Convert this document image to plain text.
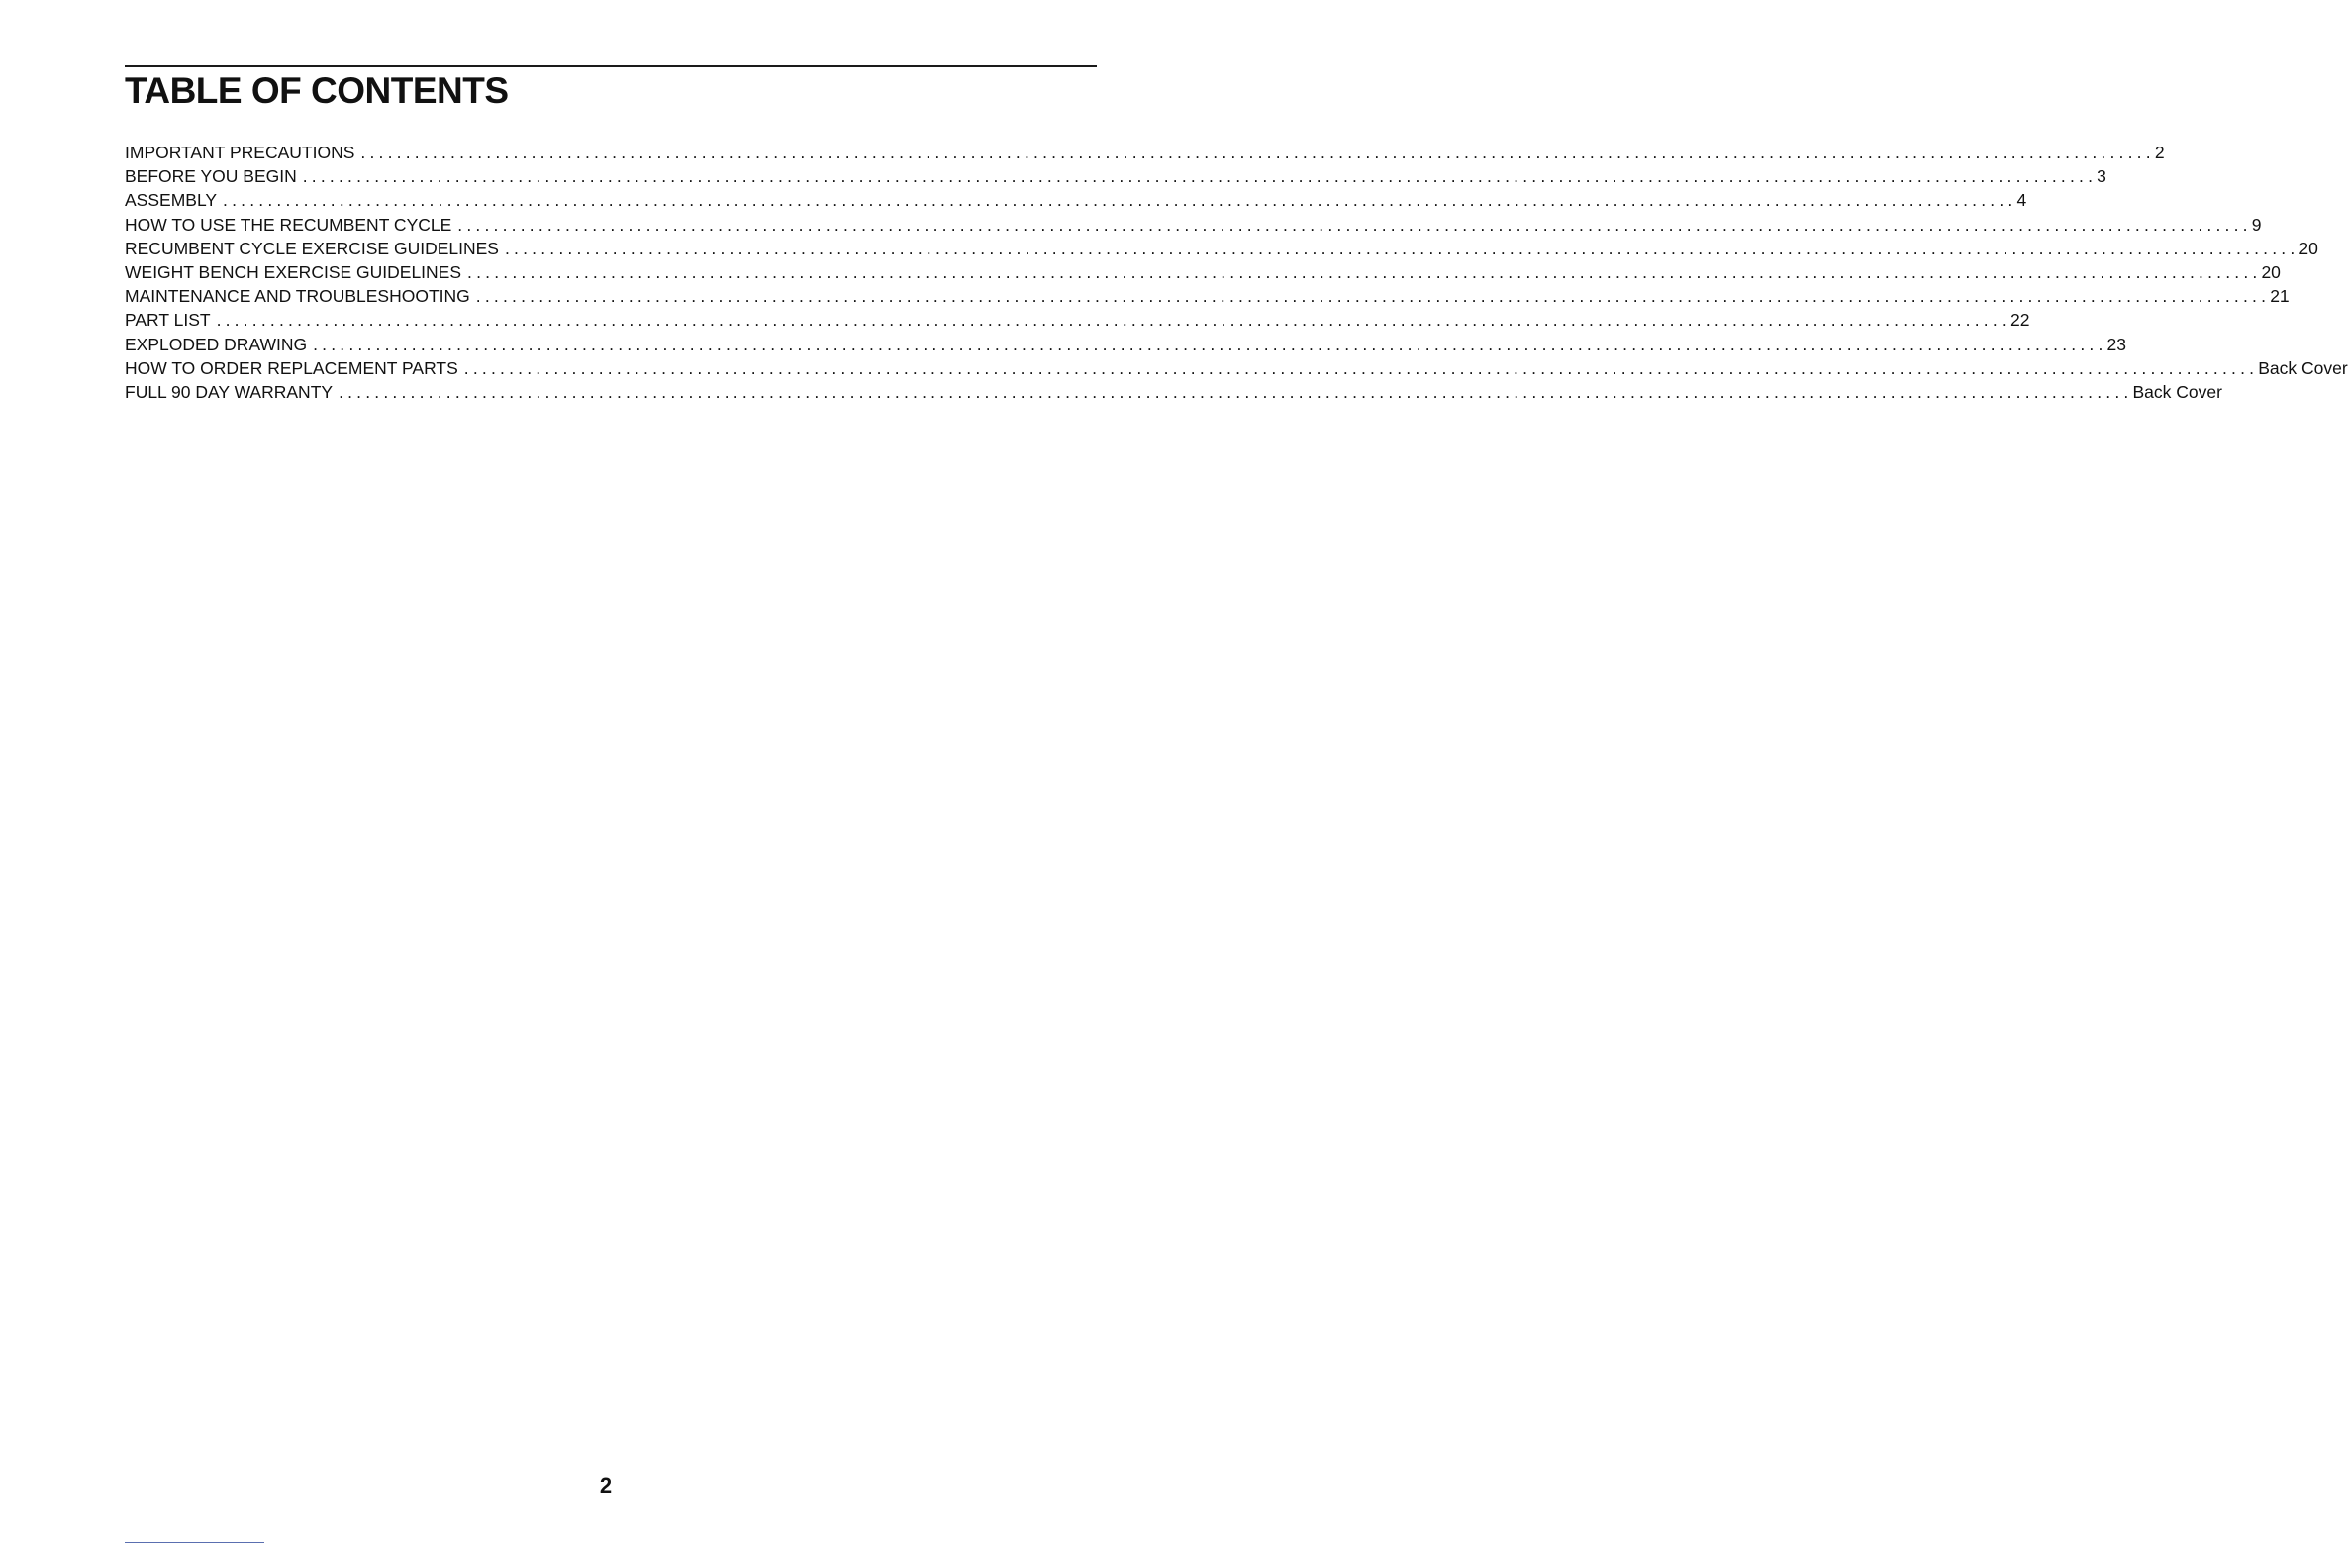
TABLE OF CONTENTS
IMPORTANT PRECAUTIONS ........................................................................................................................................................................................................ 2
BEFORE YOU BEGIN ........................................................................................................................................................................................................ 3
ASSEMBLY ........................................................................................................................................................................................................ 4
HOW TO USE THE RECUMBENT CYCLE ........................................................................................................................................................................................................ 9
RECUMBENT CYCLE EXERCISE GUIDELINES ........................................................................................................................................................................................................ 20
WEIGHT BENCH EXERCISE GUIDELINES ........................................................................................................................................................................................................ 20
MAINTENANCE AND TROUBLESHOOTING ........................................................................................................................................................................................................ 21
PART LIST ........................................................................................................................................................................................................ 22
EXPLODED DRAWING ........................................................................................................................................................................................................ 23
HOW TO ORDER REPLACEMENT PARTS ........................................................................................................................................................................................................ Back Cover
FULL 90 DAY WARRANTY ........................................................................................................................................................................................................ Back Cover
2
